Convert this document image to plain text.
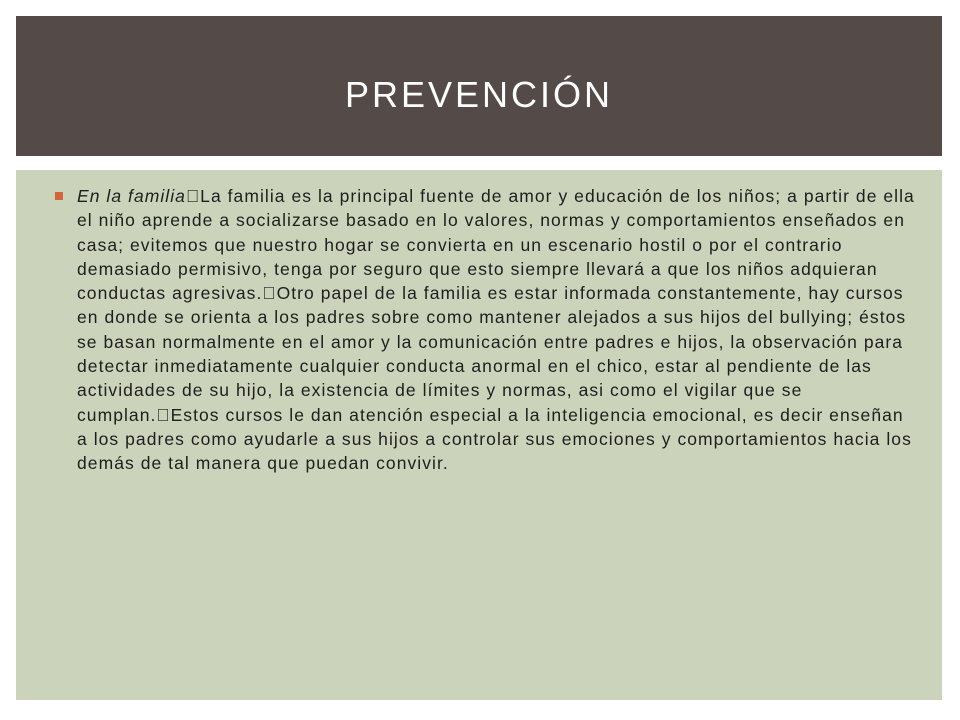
PREVENCIÓN

En la familia La familia es la principal fuente de amor y educación de los niños; a partir de ella el niño aprende a socializarse basado en lo valores, normas y comportamientos enseñados en casa; evitemos que nuestro hogar se convierta en un escenario hostil o por el contrario demasiado permisivo, tenga por seguro que esto siempre llevará a que los niños adquieran conductas agresivas. Otro papel de la familia es estar informada constantemente, hay cursos en donde se orienta a los padres sobre como mantener alejados a sus hijos del bullying; éstos se basan normalmente en el amor y la comunicación entre padres e hijos, la observación para detectar inmediatamente cualquier conducta anormal en el chico, estar al pendiente de las actividades de su hijo, la existencia de límites y normas, asi como el vigilar que se cumplan. Estos cursos le dan atención especial a la inteligencia emocional, es decir enseñan a los padres como ayudarle a sus hijos a controlar sus emociones y comportamientos hacia los demás de tal manera que puedan convivir.
